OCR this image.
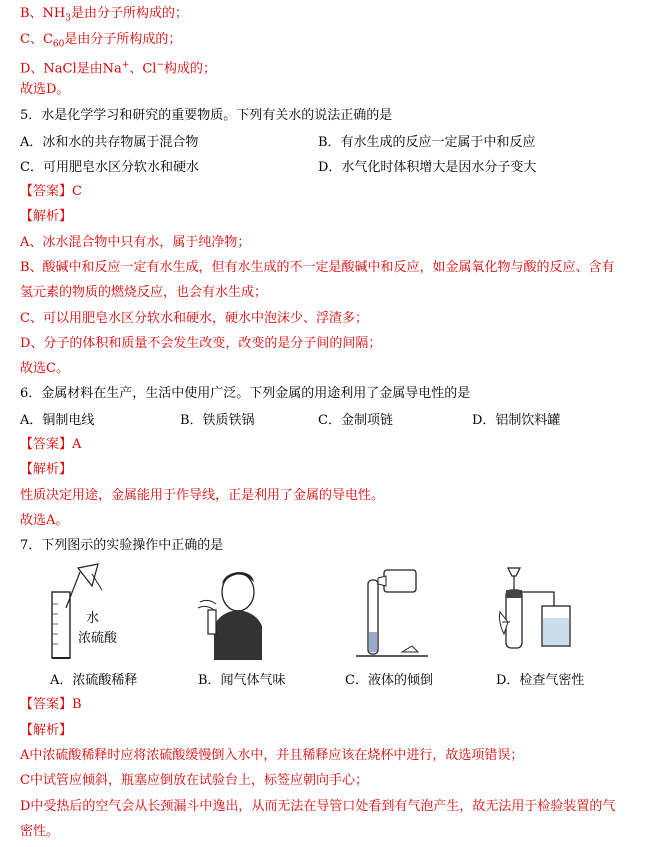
B、$NH_3$是由分子所构成的；
C、$C_{60}$是由分子所构成的；
D、NaCl是由Na+、Cl−构成的；
故选D。
5．水是化学学习和研究的重要物质。下列有关水的说法正确的是
A．冰和水的共存物属于混合物	B．有水生成的反应一定属于中和反应
C．可用肥皂水区分软水和硬水	D．水气化时体积增大是因水分子变大
【答案】C
【解析】
A、冰水混合物中只有水，属于纯净物；
B、酸碱中和反应一定有水生成，但有水生成的不一定是酸碱中和反应，如金属氧化物与酸的反应、含有
氢元素的物质的燃烧反应，也会有水生成；
C、可以用肥皂水区分软水和硬水，硬水中泡沫少、浮渣多；
D、分子的体积和质量不会发生改变，改变的是分子间的间隔；
故选C。
6．金属材料在生产，生活中使用广泛。下列金属的用途利用了金属导电性的是
A．铜制电线	B．铁质铁锅	C．金制项链	D．铝制饮料罐
【答案】A
【解析】
性质决定用途，金属能用于作导线，正是利用了金属的导电性。
故选A。
7．下列图示的实验操作中正确的是
水
浓硫酸
A．浓硫酸稀释	B．闻气体气味	C．液体的倾倒	D．检查气密性
【答案】B
【解析】
A中浓硫酸稀释时应将浓硫酸缓慢倒入水中，并且稀释应该在烧杯中进行，故选项错误；
C中试管应倾斜，瓶塞应倒放在试验台上，标签应朝向手心；
D中受热后的空气会从长颈漏斗中逸出，从而无法在导管口处看到有气泡产生，故无法用于检验装置的气
密性。
